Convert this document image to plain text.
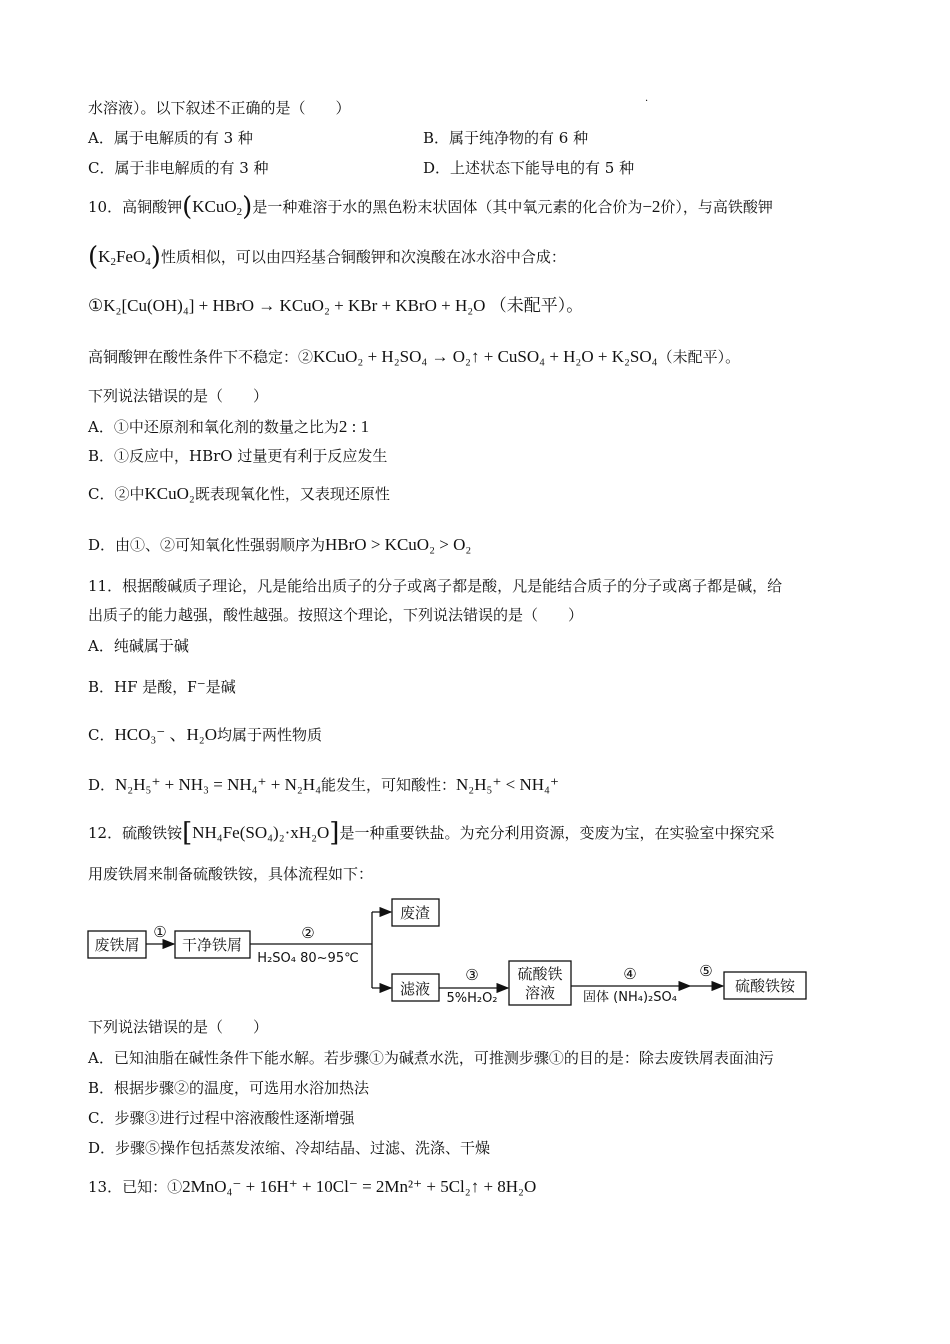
·
水溶液）。以下叙述不正确的是（　　）
A．属于电解质的有 3 种	B．属于纯净物的有 6 种
C．属于非电解质的有 3 种	D．上述状态下能导电的有 5 种
10．高铜酸钾(KCuO$_2$)是一种难溶于水的黑色粉末状固体（其中氧元素的化合价为−2价），与高铁酸钾
$(K_2FeO_4)$性质相似，可以由四羟基合铜酸钾和次溴酸在冰水浴中合成：
①K₂[Cu(OH)₄] + HBrO → KCuO₂ + KBr + KBrO + H₂O （未配平）。
高铜酸钾在酸性条件下不稳定：②KCuO₂ + H₂SO₄ → O₂↑ + CuSO₄ + H₂O + K₂SO₄（未配平）。
下列说法错误的是（　　）
A．①中还原剂和氧化剂的数量之比为2 : 1
B．①反应中，HBrO 过量更有利于反应发生
C．②中KCuO₂既表现氧化性，又表现还原性
D．由①、②可知氧化性强弱顺序为HBrO > KCuO₂ > O₂
11．根据酸碱质子理论，凡是能给出质子的分子或离子都是酸，凡是能结合质子的分子或离子都是碱，给
出质子的能力越强，酸性越强。按照这个理论，下列说法错误的是（　　）
A．纯碱属于碱
B．HF 是酸，F⁻是碱
C．HCO₃⁻ 、H₂O均属于两性物质
D．N₂H₅⁺ + NH₃ = NH₄⁺ + N₂H₄能发生，可知酸性：N₂H₅⁺ < NH₄⁺
12．硫酸铁铵[NH₄Fe(SO₄)₂·xH₂O]是一种重要铁盐。为充分利用资源，变废为宝，在实验室中探究采
用废铁屑来制备硫酸铁铵，具体流程如下：
废铁屑
①
干净铁屑
②
H₂SO₄ 80~95℃
废渣
滤液
③
5%H₂O₂
硫酸铁
溶液
④
固体 (NH₄)₂SO₄
⑤
硫酸铁铵
下列说法错误的是（　　）
A．已知油脂在碱性条件下能水解。若步骤①为碱煮水洗，可推测步骤①的目的是：除去废铁屑表面油污
B．根据步骤②的温度，可选用水浴加热法
C．步骤③进行过程中溶液酸性逐渐增强
D．步骤⑤操作包括蒸发浓缩、冷却结晶、过滤、洗涤、干燥
13．已知：①2MnO₄⁻ + 16H⁺ + 10Cl⁻ = 2Mn²⁺ + 5Cl₂↑ + 8H₂O
